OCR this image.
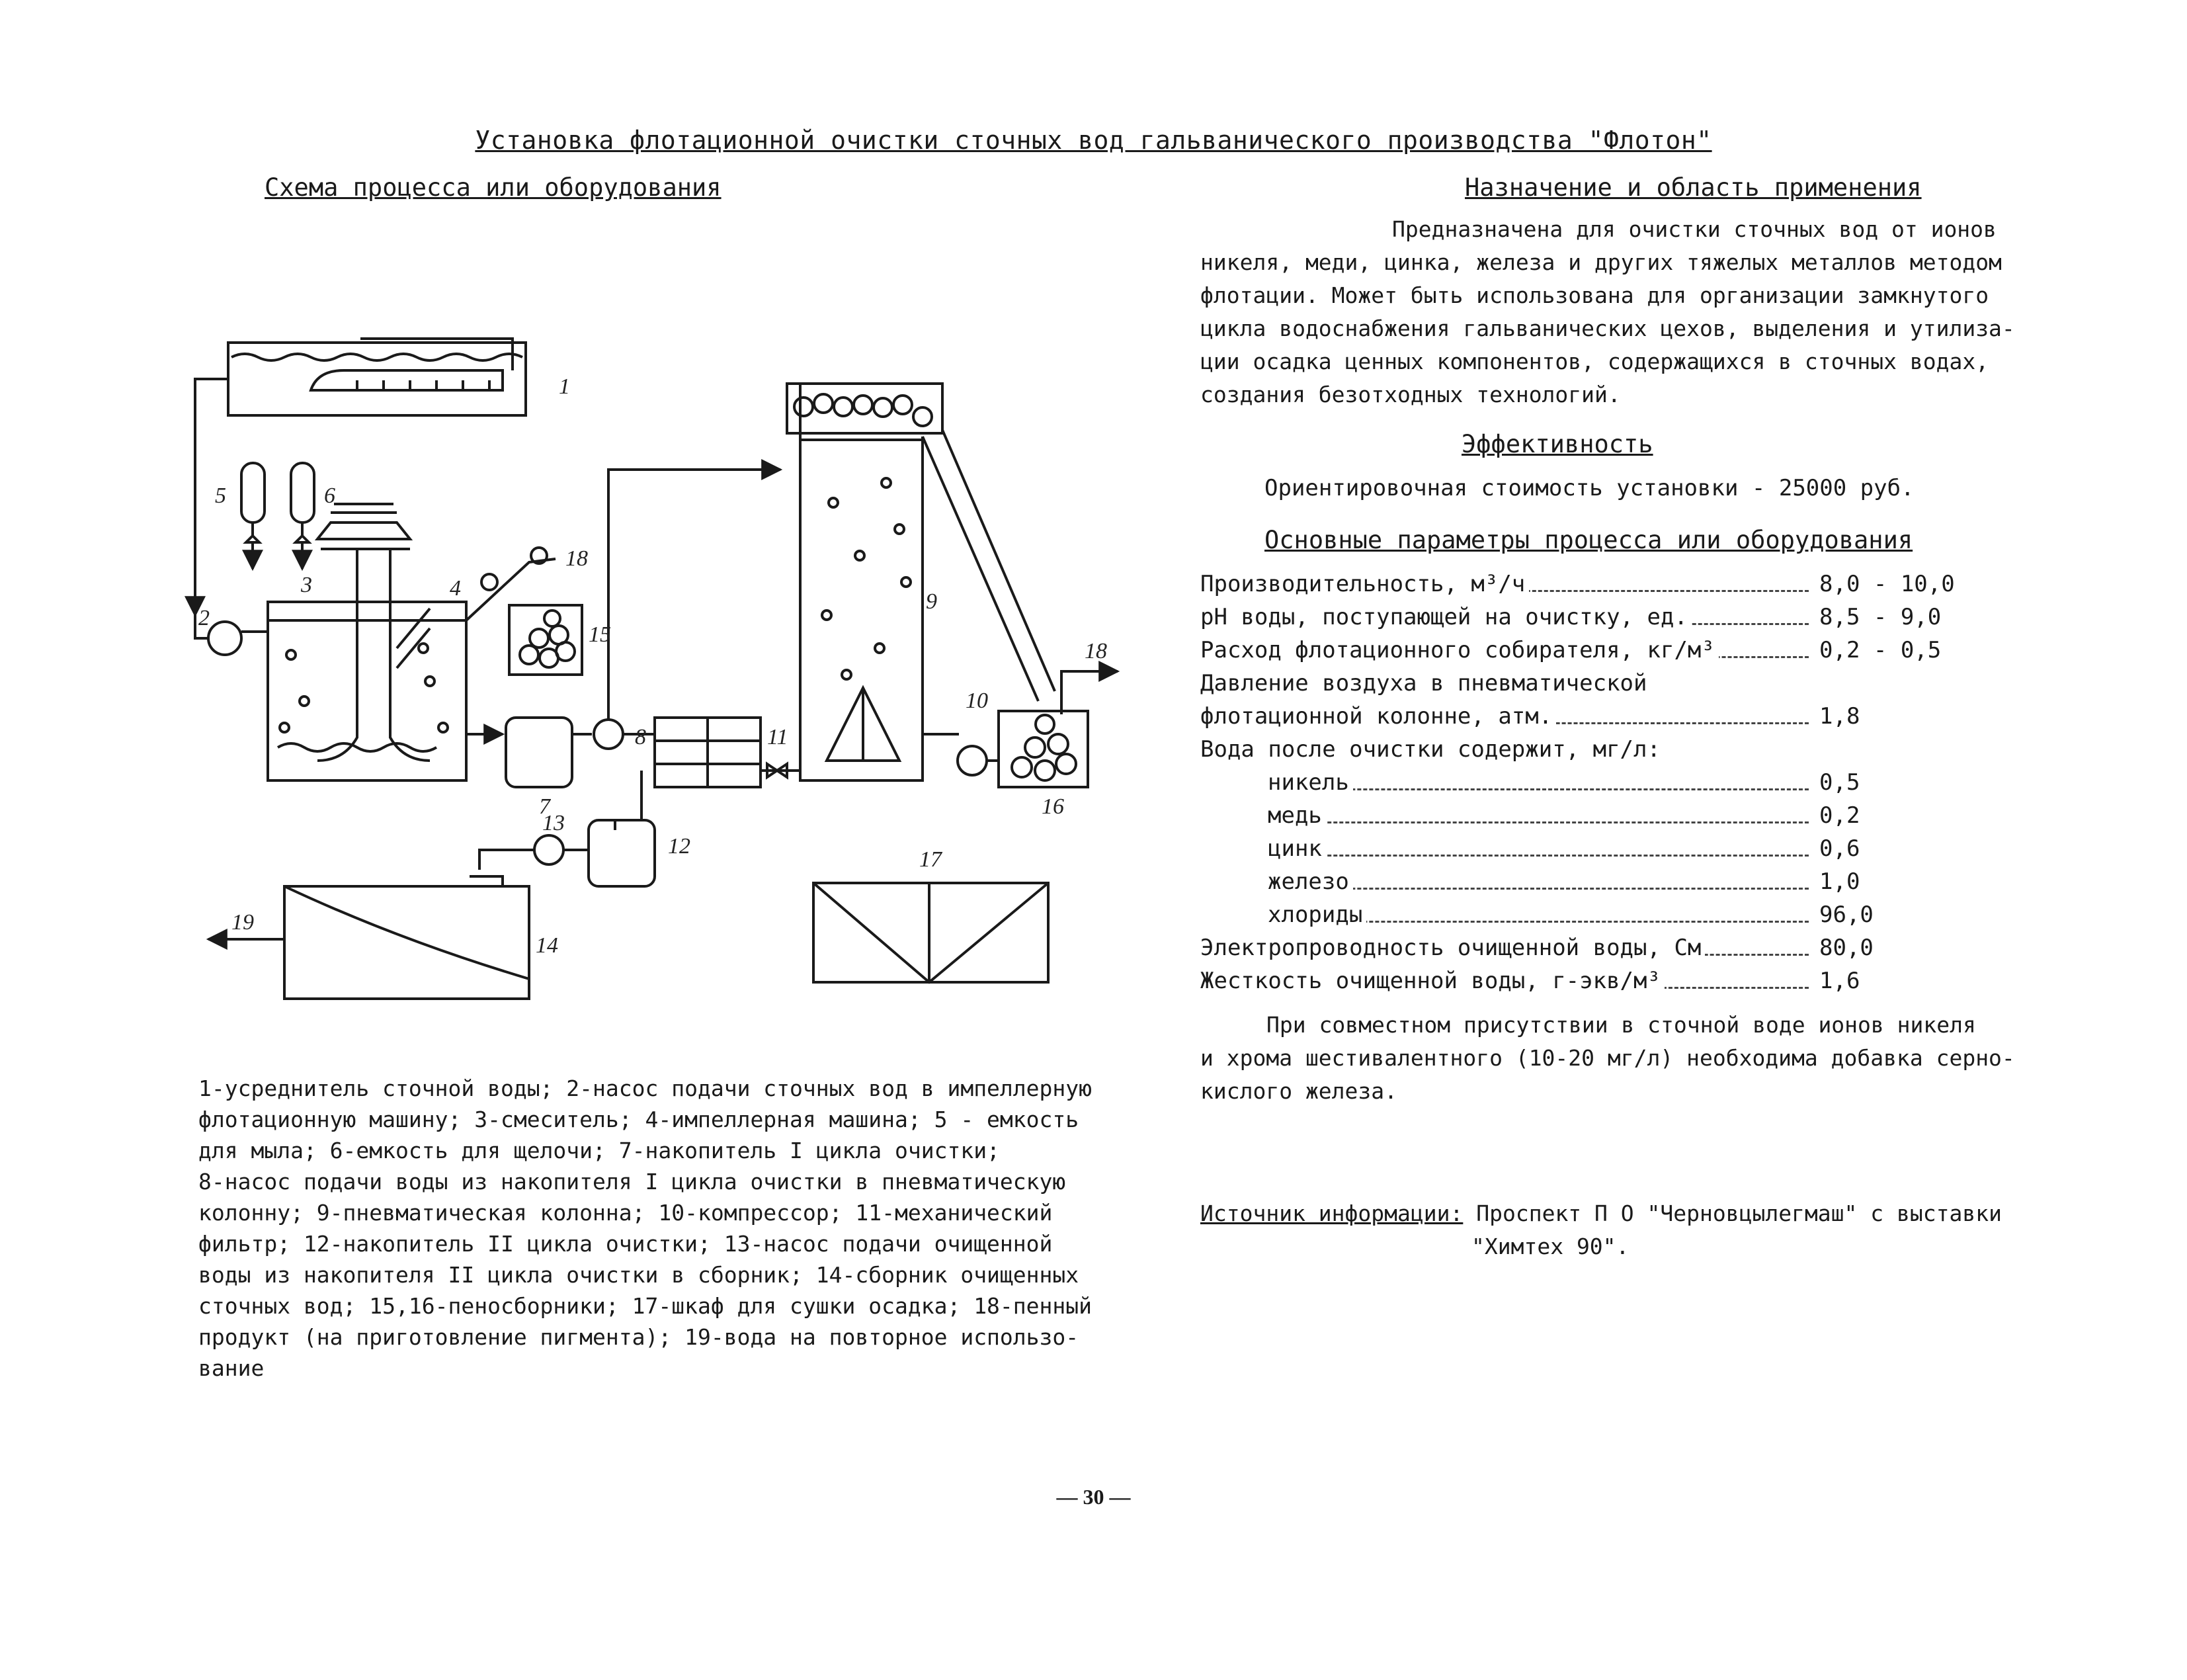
Установка флотационной очистки сточных вод гальванического производства "Флотон"
Схема процесса или оборудования	Назначение и область применения
Предназначена для очистки сточных вод от ионов
никеля, меди, цинка, железа и других тяжелых металлов методом
флотации. Может быть использована для организации замкнутого
цикла водоснабжения гальванических цехов, выделения и утилиза-
ции осадка ценных компонентов, содержащихся в сточных водах,
создания безотходных технологий.
Эффективность
Ориентировочная стоимость установки - 25000 руб.
Основные параметры процесса или оборудования
Производительность, м³/ч	8,0 - 10,0
pH воды, поступающей на очистку, ед.	8,5 - 9,0
Расход флотационного собирателя, кг/м³	0,2 - 0,5
Давление воздуха в пневматической
флотационной колонне, атм.	1,8
Вода после очистки содержит, мг/л:
никель	0,5
медь	0,2
цинк	0,6
железо	1,0
хлориды	96,0
Электропроводность очищенной воды, См	80,0
Жесткость очищенной воды, г-экв/м³	1,6
При совместном присутствии в сточной воде ионов никеля
и хрома шестивалентного (10-20 мг/л) необходима добавка серно-
кислого железа.
Источник информации: Проспект П О "Черновцылегмаш" с выставки
"Химтех 90".
1-усреднитель сточной воды; 2-насос подачи сточных вод в импеллерную
флотационную машину; 3-смеситель; 4-импеллерная машина; 5 - емкость
для мыла; 6-емкость для щелочи; 7-накопитель I цикла очистки;
8-насос подачи воды из накопителя I цикла очистки в пневматическую
колонну; 9-пневматическая колонна; 10-компрессор; 11-механический
фильтр; 12-накопитель II цикла очистки; 13-насос подачи очищенной
воды из накопителя II цикла очистки в сборник; 14-сборник очищенных
сточных вод; 15,16-пеносборники; 17-шкаф для сушки осадка; 18-пенный
продукт (на приготовление пигмента); 19-вода на повторное использо-
вание
— 30 —
1
2
3	4
5	6
7
8
9
10
11
12
13
14
15
16
17
18
18
19
